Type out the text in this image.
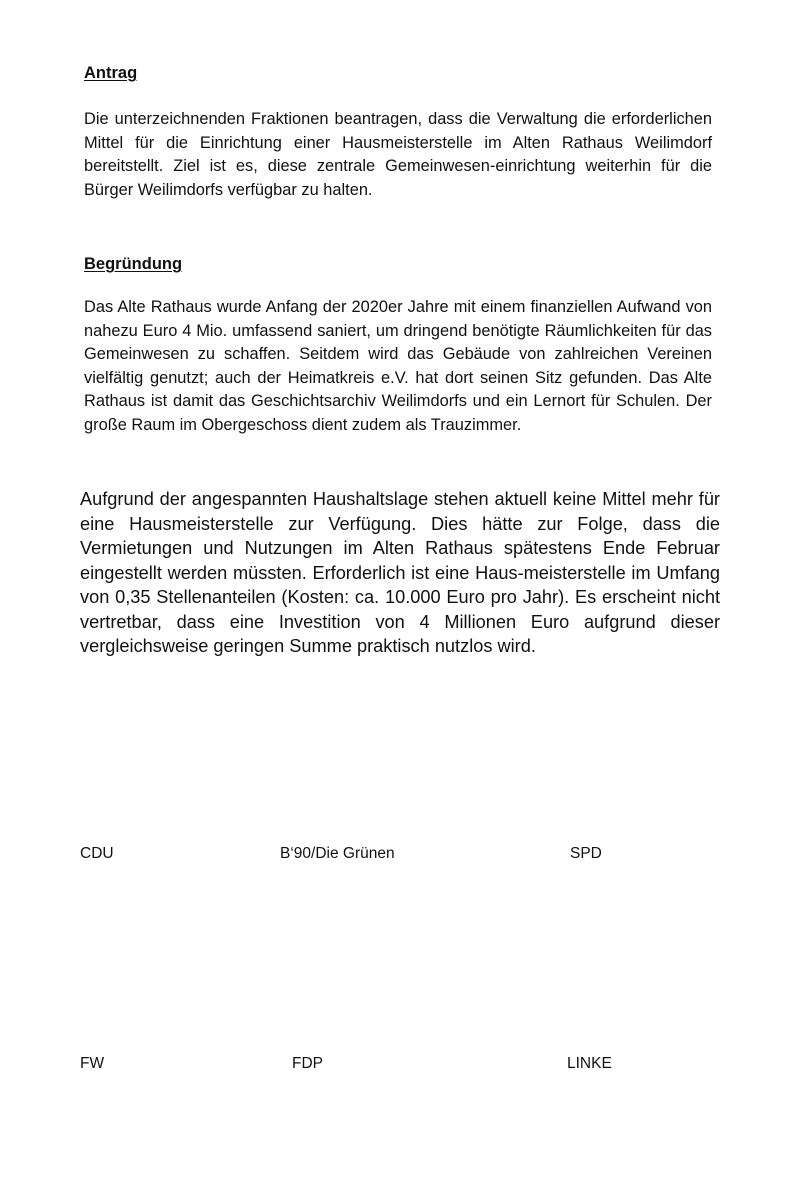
Antrag

Die unterzeichnenden Fraktionen beantragen, dass die Verwaltung die erforderlichen Mittel für die Einrichtung einer Hausmeisterstelle im Alten Rathaus Weilimdorf bereitstellt. Ziel ist es, diese zentrale Gemeinwesen-einrichtung weiterhin für die Bürger Weilimdorfs verfügbar zu halten.

Begründung

Das Alte Rathaus wurde Anfang der 2020er Jahre mit einem finanziellen Aufwand von nahezu Euro 4 Mio. umfassend saniert, um dringend benötigte Räumlichkeiten für das Gemeinwesen zu schaffen. Seitdem wird das Gebäude von zahlreichen Vereinen vielfältig genutzt; auch der Heimatkreis e.V. hat dort seinen Sitz gefunden. Das Alte Rathaus ist damit das Geschichtsarchiv Weilimdorfs und ein Lernort für Schulen. Der große Raum im Obergeschoss dient zudem als Trauzimmer.

Aufgrund der angespannten Haushaltslage stehen aktuell keine Mittel mehr für eine Hausmeisterstelle zur Verfügung. Dies hätte zur Folge, dass die Vermietungen und Nutzungen im Alten Rathaus spätestens Ende Februar eingestellt werden müssten. Erforderlich ist eine Haus-meisterstelle im Umfang von 0,35 Stellenanteilen (Kosten: ca. 10.000 Euro pro Jahr). Es erscheint nicht vertretbar, dass eine Investition von 4 Millionen Euro aufgrund dieser vergleichsweise geringen Summe praktisch nutzlos wird.

CDU	B‘90/Die Grünen	SPD

FW	FDP	LINKE
